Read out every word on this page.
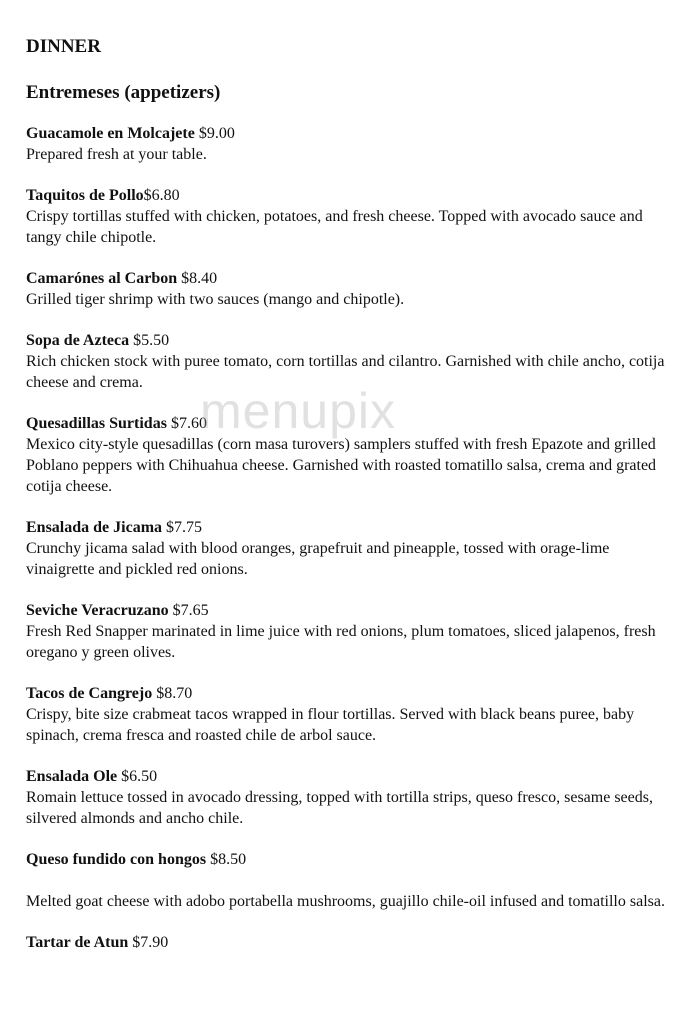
DINNER
Entremeses (appetizers)

Guacamole en Molcajete $9.00

Prepared fresh at your table.

Taquitos de Pollo$6.80

Crispy tortillas stuffed with chicken, potatoes, and fresh cheese. Topped with avocado sauce and tangy chile chipotle.

Camarónes al Carbon $8.40

Grilled tiger shrimp with two sauces (mango and chipotle).

Sopa de Azteca $5.50

Rich chicken stock with puree tomato, corn tortillas and cilantro. Garnished with chile ancho, cotija cheese and crema.

Quesadillas Surtidas $7.60

Mexico city-style quesadillas (corn masa turovers) samplers stuffed with fresh Epazote and grilled Poblano peppers with Chihuahua cheese. Garnished with roasted tomatillo salsa, crema and grated cotija cheese.

Ensalada de Jicama $7.75

Crunchy jicama salad with blood oranges, grapefruit and pineapple, tossed with orage-lime vinaigrette and pickled red onions.

Seviche Veracruzano $7.65

Fresh Red Snapper marinated in lime juice with red onions, plum tomatoes, sliced jalapenos, fresh oregano y green olives.

Tacos de Cangrejo $8.70

Crispy, bite size crabmeat tacos wrapped in flour tortillas. Served with black beans puree, baby spinach, crema fresca and roasted chile de arbol sauce.

Ensalada Ole $6.50

Romain lettuce tossed in avocado dressing, topped with tortilla strips, queso fresco, sesame seeds, silvered almonds and ancho chile.

Queso fundido con hongos $8.50

Melted goat cheese with adobo portabella mushrooms, guajillo chile-oil infused and tomatillo salsa.

Tartar de Atun $7.90

menupix
